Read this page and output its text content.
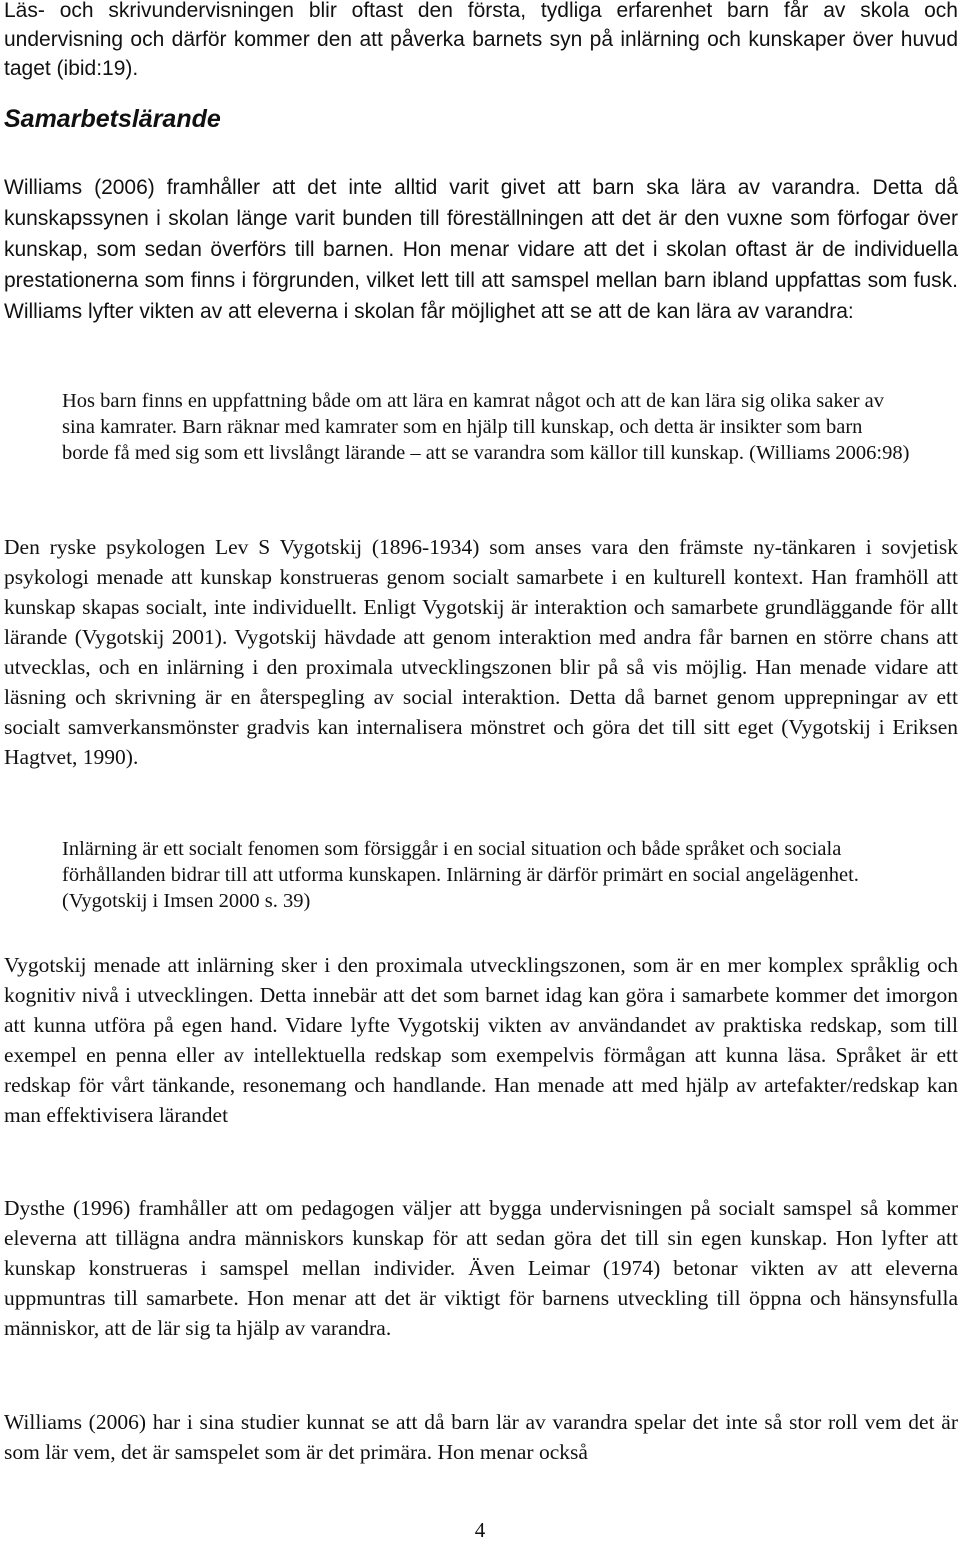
Läs- och skrivundervisningen blir oftast den första, tydliga erfarenhet barn får av skola och undervisning och därför kommer den att påverka barnets syn på inlärning och kunskaper över huvud taget (ibid:19).

Samarbetslärande

Williams (2006) framhåller att det inte alltid varit givet att barn ska lära av varandra. Detta då kunskapssynen i skolan länge varit bunden till föreställningen att det är den vuxne som förfogar över kunskap, som sedan överförs till barnen. Hon menar vidare att det i skolan oftast är de individuella prestationerna som finns i förgrunden, vilket lett till att samspel mellan barn ibland uppfattas som fusk. Williams lyfter vikten av att eleverna i skolan får möjlighet att se att de kan lära av varandra:

Hos barn finns en uppfattning både om att lära en kamrat något och att de kan lära sig olika saker av sina kamrater. Barn räknar med kamrater som en hjälp till kunskap, och detta är insikter som barn borde få med sig som ett livslångt lärande – att se varandra som källor till kunskap. (Williams 2006:98)

Den ryske psykologen Lev S Vygotskij (1896-1934) som anses vara den främste ny-tänkaren i sovjetisk psykologi menade att kunskap konstrueras genom socialt samarbete i en kulturell kontext. Han framhöll att kunskap skapas socialt, inte individuellt. Enligt Vygotskij är interaktion och samarbete grundläggande för allt lärande (Vygotskij 2001). Vygotskij hävdade att genom interaktion med andra får barnen en större chans att utvecklas, och en inlärning i den proximala utvecklingszonen blir på så vis möjlig. Han menade vidare att läsning och skrivning är en återspegling av social interaktion. Detta då barnet genom upprepningar av ett socialt samverkansmönster gradvis kan internalisera mönstret och göra det till sitt eget (Vygotskij i Eriksen Hagtvet, 1990).

Inlärning är ett socialt fenomen som försiggår i en social situation och både språket och sociala förhållanden bidrar till att utforma kunskapen. Inlärning är därför primärt en social angelägenhet. (Vygotskij i Imsen 2000 s. 39)

Vygotskij menade att inlärning sker i den proximala utvecklingszonen, som är en mer komplex språklig och kognitiv nivå i utvecklingen. Detta innebär att det som barnet idag kan göra i samarbete kommer det imorgon att kunna utföra på egen hand. Vidare lyfte Vygotskij vikten av användandet av praktiska redskap, som till exempel en penna eller av intellektuella redskap som exempelvis förmågan att kunna läsa. Språket är ett redskap för vårt tänkande, resonemang och handlande. Han menade att med hjälp av artefakter/redskap kan man effektivisera lärandet

Dysthe (1996) framhåller att om pedagogen väljer att bygga undervisningen på socialt samspel så kommer eleverna att tillägna andra människors kunskap för att sedan göra det till sin egen kunskap. Hon lyfter att kunskap konstrueras i samspel mellan individer. Även Leimar (1974) betonar vikten av att eleverna uppmuntras till samarbete. Hon menar att det är viktigt för barnens utveckling till öppna och hänsynsfulla människor, att de lär sig ta hjälp av varandra.

Williams (2006) har i sina studier kunnat se att då barn lär av varandra spelar det inte så stor roll vem det är som lär vem, det är samspelet som är det primära. Hon menar också

4
